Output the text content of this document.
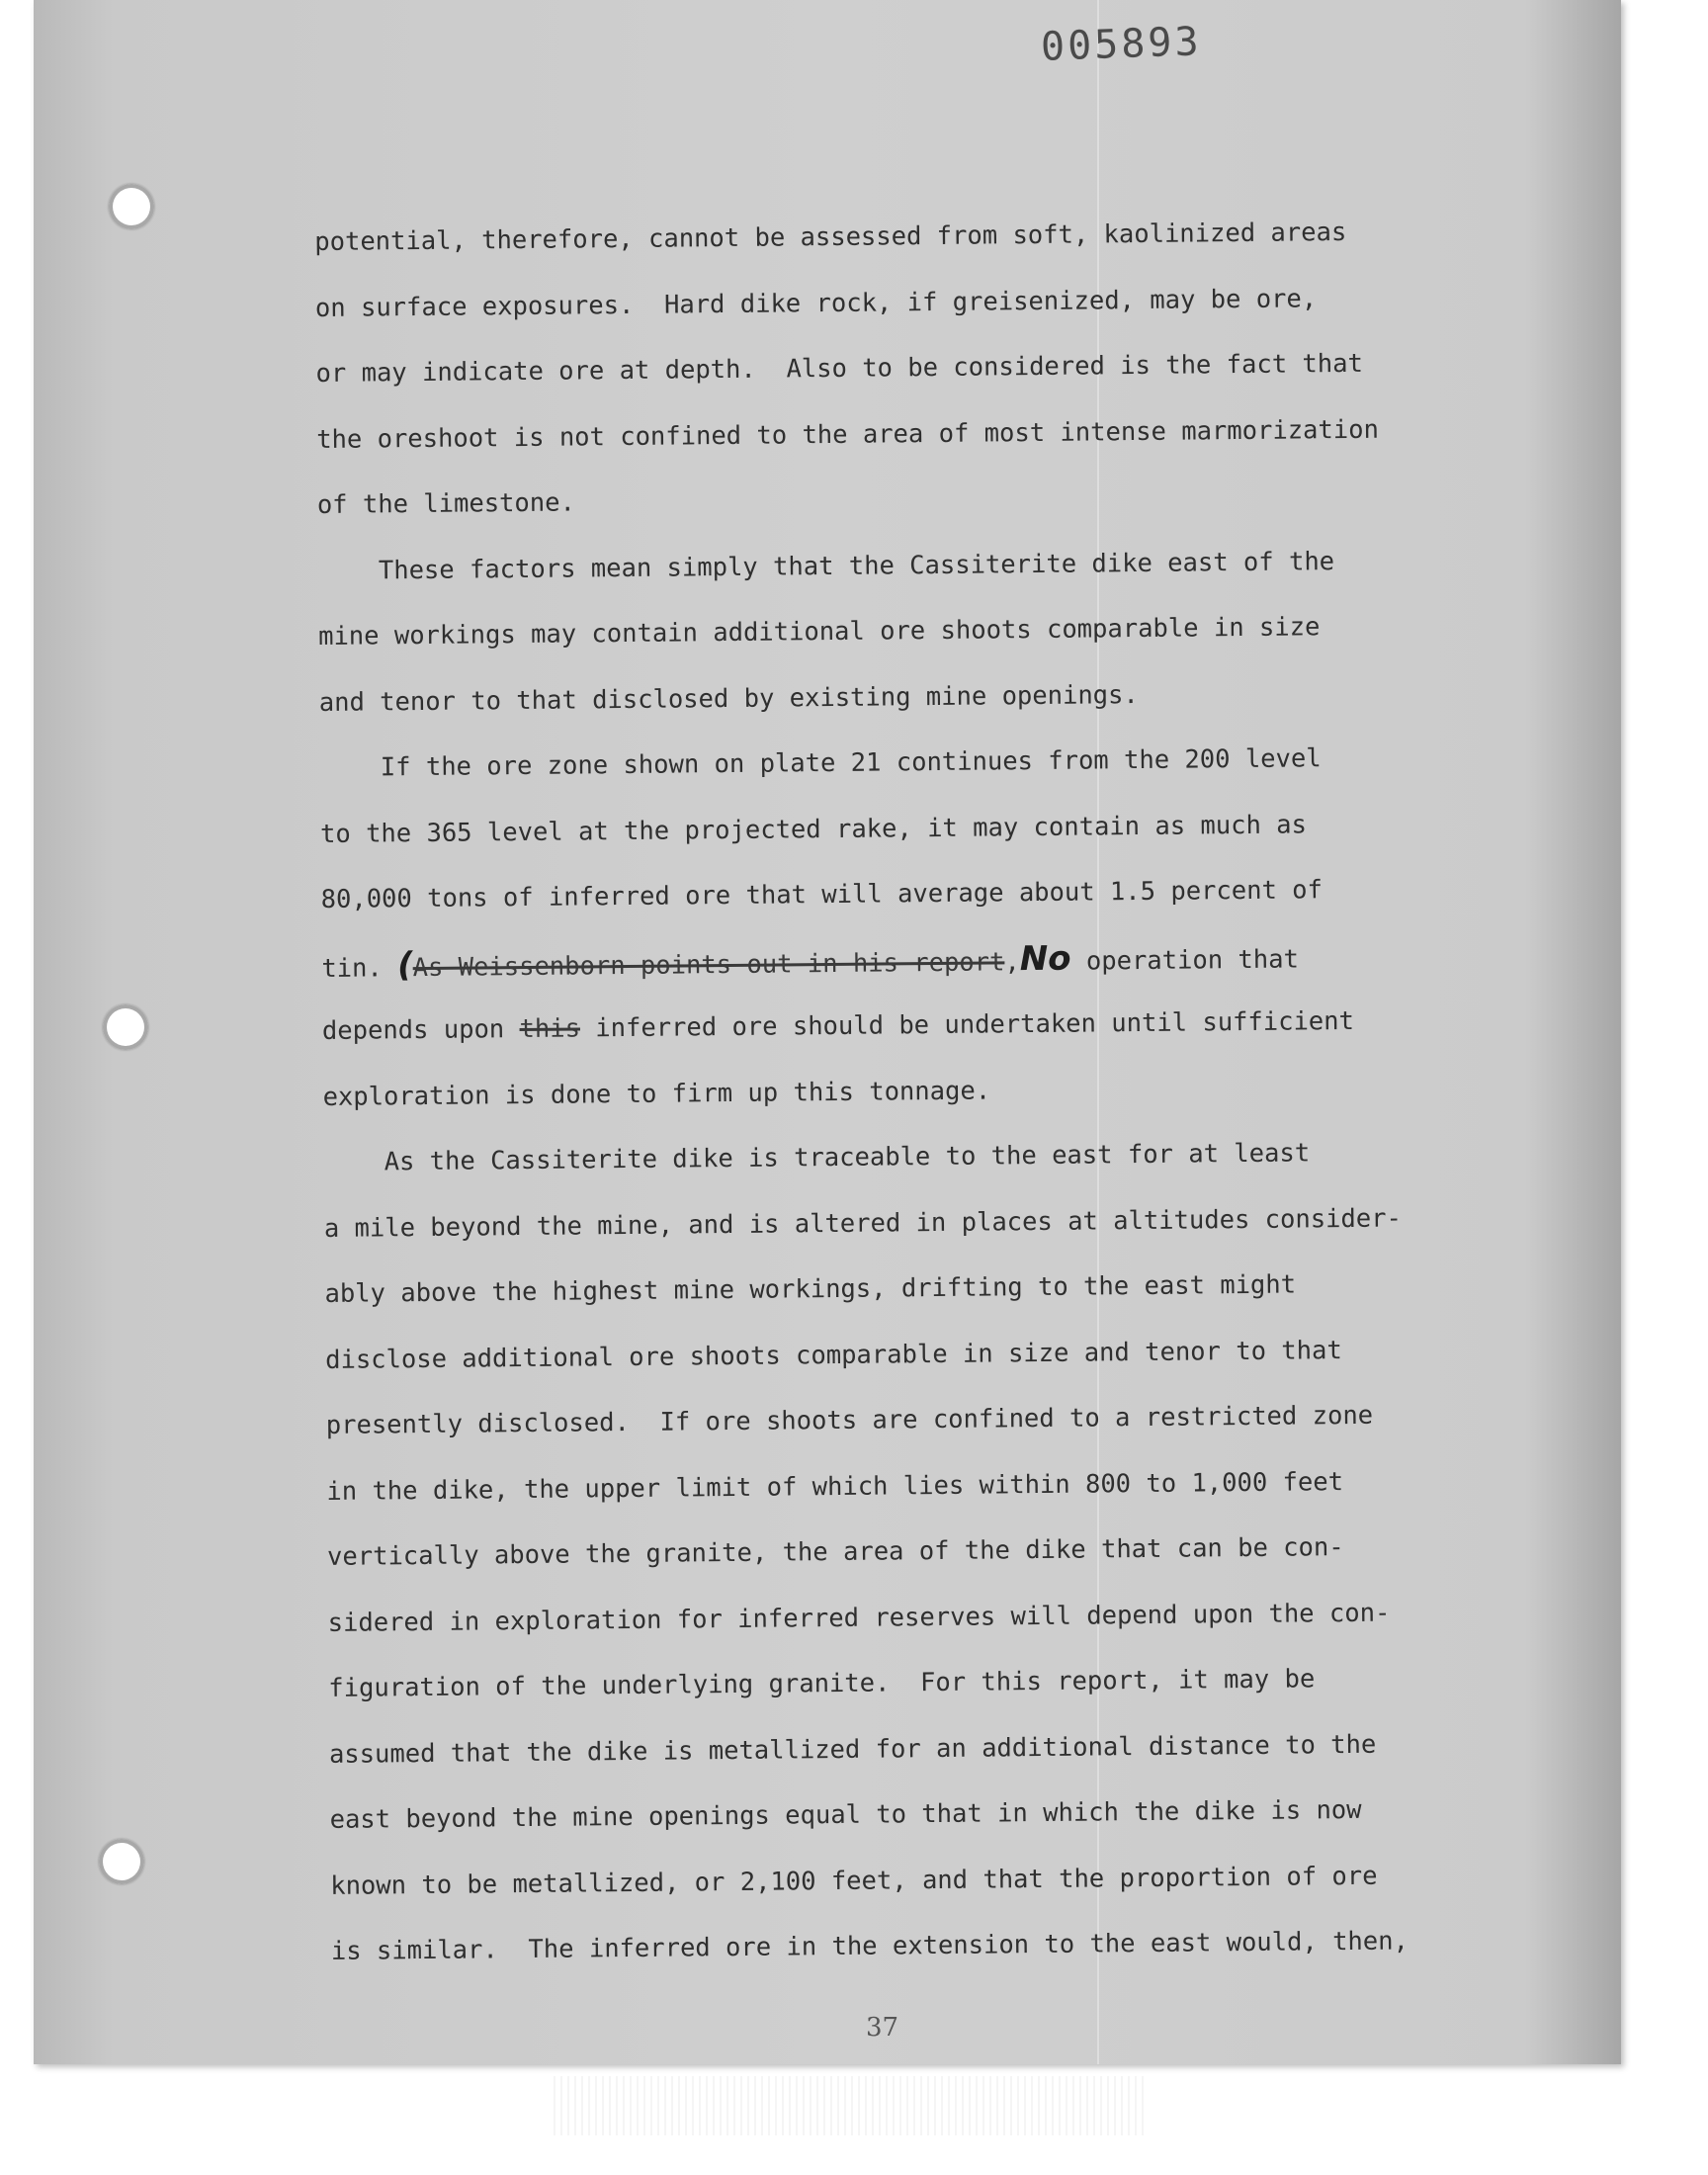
005893
potential, therefore, cannot be assessed from soft, kaolinized areas
on surface exposures.  Hard dike rock, if greisenized, may be ore,
or may indicate ore at depth.  Also to be considered is the fact that
the oreshoot is not confined to the area of most intense marmorization
of the limestone.
These factors mean simply that the Cassiterite dike east of the
mine workings may contain additional ore shoots comparable in size
and tenor to that disclosed by existing mine openings.
If the ore zone shown on plate 21 continues from the 200 level
to the 365 level at the projected rake, it may contain as much as
80,000 tons of inferred ore that will average about 1.5 percent of
tin. (As Weissenborn points out in his report,No operation that
depends upon this inferred ore should be undertaken until sufficient
exploration is done to firm up this tonnage.
As the Cassiterite dike is traceable to the east for at least
a mile beyond the mine, and is altered in places at altitudes consider-
ably above the highest mine workings, drifting to the east might
disclose additional ore shoots comparable in size and tenor to that
presently disclosed.  If ore shoots are confined to a restricted zone
in the dike, the upper limit of which lies within 800 to 1,000 feet
vertically above the granite, the area of the dike that can be con-
sidered in exploration for inferred reserves will depend upon the con-
figuration of the underlying granite.  For this report, it may be
assumed that the dike is metallized for an additional distance to the
east beyond the mine openings equal to that in which the dike is now
known to be metallized, or 2,100 feet, and that the proportion of ore
is similar.  The inferred ore in the extension to the east would, then,
37
